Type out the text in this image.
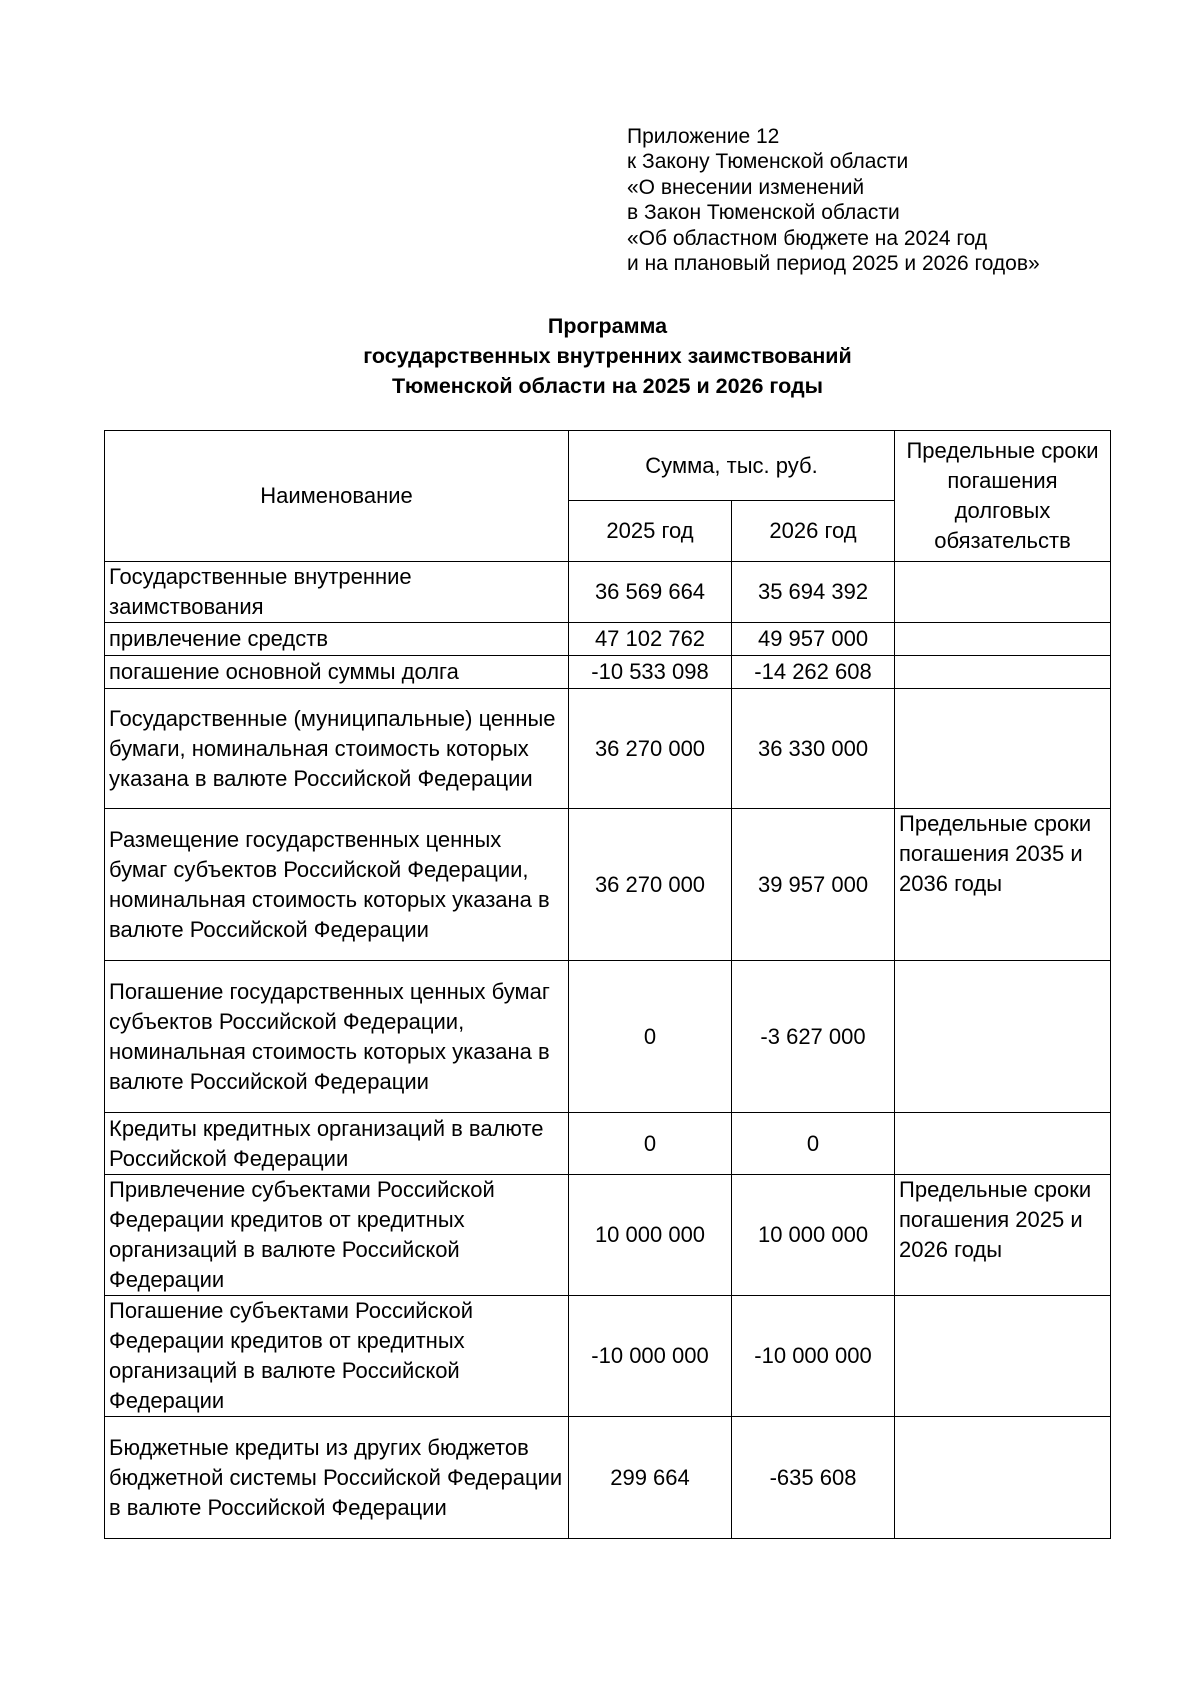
Приложение 12
к Закону Тюменской области
«О внесении изменений
в Закон Тюменской области
«Об областном бюджете на 2024 год
и на плановый период 2025 и 2026 годов»
Программа
государственных внутренних заимствований
Тюменской области на 2025 и 2026 годы
Наименование	Сумма, тыс. руб.		Предельные сроки погашения долговых обязательств
	2025 год	2026 год	
Государственные внутренние заимствования	36 569 664	35 694 392	
привлечение средств	47 102 762	49 957 000	
погашение основной суммы долга	-10 533 098	-14 262 608	
Государственные (муниципальные) ценные бумаги, номинальная стоимость которых указана в валюте Российской Федерации	36 270 000	36 330 000	
Размещение государственных ценных бумаг субъектов Российской Федерации, номинальная стоимость которых указана в валюте Российской Федерации	36 270 000	39 957 000	Предельные сроки погашения 2035 и 2036 годы
Погашение государственных ценных бумаг субъектов Российской Федерации, номинальная стоимость которых указана в валюте Российской Федерации	0	-3 627 000	
Кредиты кредитных организаций в валюте Российской Федерации	0	0	
Привлечение субъектами Российской Федерации кредитов от кредитных организаций в валюте Российской Федерации	10 000 000	10 000 000	Предельные сроки погашения 2025 и 2026 годы
Погашение субъектами Российской Федерации кредитов от кредитных организаций в валюте Российской Федерации	-10 000 000	-10 000 000	
Бюджетные кредиты из других бюджетов бюджетной системы Российской Федерации в валюте Российской Федерации	299 664	-635 608	
